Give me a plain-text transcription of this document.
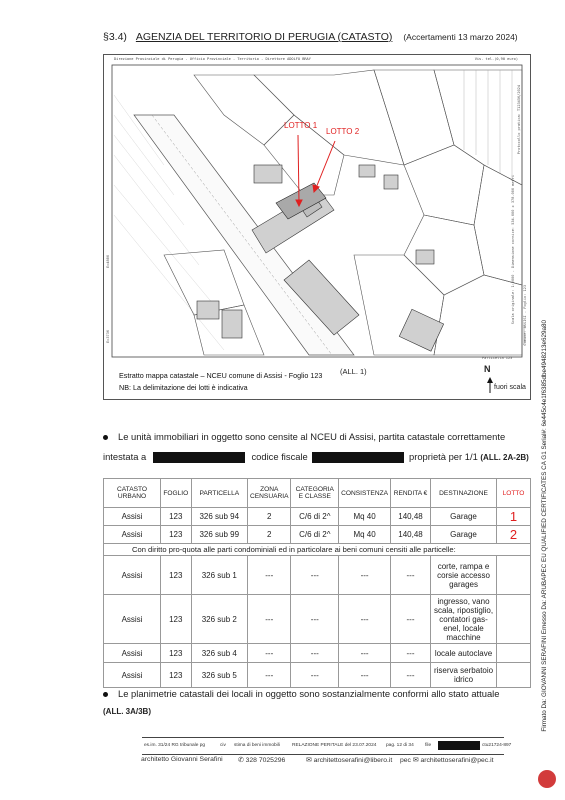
§3.4) AGENZIA DEL TERRITORIO DI PERUGIA (CATASTO) (Accertamenti 13 marzo 2024)
Direzione Provinciale di Perugia - Ufficio Provinciale - Territorio - Direttore ADOLFO BRAY	Vis. tel.(0,90 euro)
E=4880
E=3736
Particella 123
Scala originale: 1:2000 - Dimensione cornice: 534.000 x 378.000 metri
Protocollo pratica: T123456/2024
Comune: ASSISI - Foglio: 123
LOTTO 1
LOTTO 2
Estratto mappa catastale – NCEU comune di Assisi - Foglio 123
NB: La delimitazione dei lotti è indicativa
(ALL. 1)	N
fuori scala
Le unità immobiliari in oggetto sono censite al NCEU di Assisi, partita catastale correttamente
intestata a	codice fiscale	proprietà per 1/1 (ALL. 2A-2B)
CATASTO URBANO	FOGLIO	PARTICELLA	ZONA CENSUARIA	CATEGORIA E CLASSE	CONSISTENZA	RENDITA €	DESTINAZIONE	LOTTO
Assisi	123	326 sub 94	2	C/6 di 2^	Mq 40	140,48	Garage	1
Assisi	123	326 sub 99	2	C/6 di 2^	Mq 40	140,48	Garage	2
Con diritto pro-quota alle parti condominiali ed in particolare ai beni comuni censiti alle particelle:								
Assisi	123	326 sub 1	---	---	---	---	corte, rampa e corsie accesso garages	
Assisi	123	326 sub 2	---	---	---	---	ingresso, vano scala, ripostiglio, contatori gas-enel, locale macchine	
Assisi	123	326 sub 4	---	---	---	---	locale autoclave	
Assisi	123	326 sub 5	---	---	---	---	riserva serbatoio idrico	
Le planimetrie catastali dei locali in oggetto sono sostanzialmente conformi allo stato attuale
(ALL. 3A/3B)
es.im. 31/24 RG tribunale pg	civ stima di beni immobili	RELAZIONE PERITALE del 23.07.2024 pag. 12 di 34 file	ctu21724-897
architetto Giovanni Serafini ✆ 328 7025296	✉ architettoserafini@libero.it pec ✉ architettoserafini@pec.it
Firmato Da: GIOVANNI SERAFINI Emesso Da: ARUBAPEC EU QUALIFIED CERTIFICATES CA G1 Serial#: 6e445c4e1f6385dbe4948213e629a80
